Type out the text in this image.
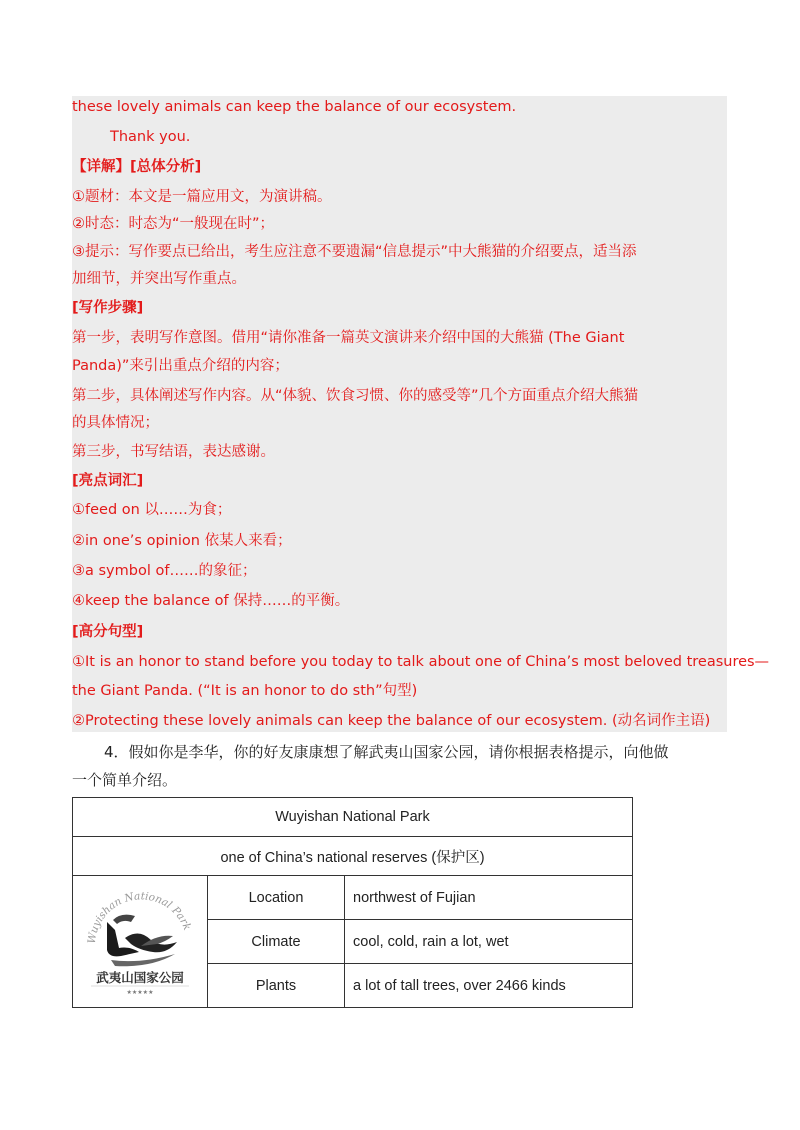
these lovely animals can keep the balance of our ecosystem.
Thank you.
【详解】[总体分析]
①题材：本文是一篇应用文，为演讲稿。
②时态：时态为“一般现在时”；
③提示：写作要点已给出，考生应注意不要遗漏“信息提示”中大熊猫的介绍要点，适当添
加细节，并突出写作重点。
[写作步骤]
第一步，表明写作意图。借用“请你准备一篇英文演讲来介绍中国的大熊猫 (The Giant
Panda)”来引出重点介绍的内容；
第二步，具体阐述写作内容。从“体貌、饮食习惯、你的感受等”几个方面重点介绍大熊猫
的具体情况；
第三步，书写结语，表达感谢。
[亮点词汇]
①feed on 以……为食；
②in one’s opinion 依某人来看；
③a symbol of……的象征；
④keep the balance of 保持……的平衡。
[高分句型]
①It is an honor to stand before you today to talk about one of China’s most beloved treasures—
the Giant Panda. (“It is an honor to do sth”句型)
②Protecting these lovely animals can keep the balance of our ecosystem. (动名词作主语)
4．假如你是李华，你的好友康康想了解武夷山国家公园，请你根据表格提示，向他做
一个简单介绍。
Wuyishan National Park		
one of China’s national reserves (保护区)		

Wuyishan National Park
武夷山国家公园
★★★★★	Location	northwest of Fujian
	Climate	cool, cold, rain a lot, wet
	Plants	a lot of tall trees, over 2466 kinds
